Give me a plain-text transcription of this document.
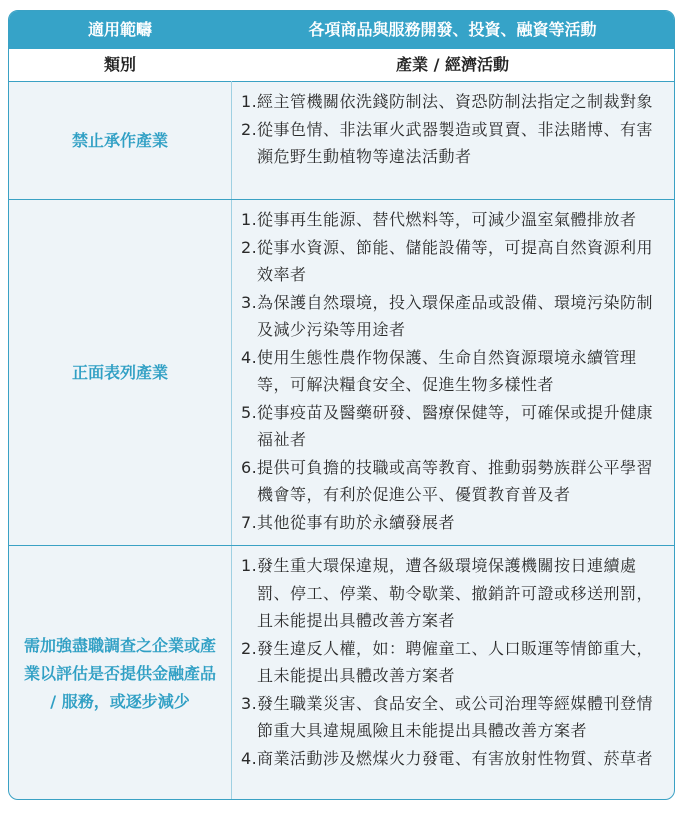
適用範疇	各項商品與服務開發、投資、融資等活動
類別	產業 / 經濟活動
禁止承作產業
1. 經主管機關依洗錢防制法、資恐防制法指定之制裁對象
2. 從事色情、非法軍火武器製造或買賣、非法賭博、有害瀕危野生動植物等違法活動者
正面表列產業
1. 從事再生能源、替代燃料等，可減少溫室氣體排放者
2. 從事水資源、節能、儲能設備等，可提高自然資源利用效率者
3. 為保護自然環境，投入環保產品或設備、環境污染防制及減少污染等用途者
4. 使用生態性農作物保護、生命自然資源環境永續管理等，可解決糧食安全、促進生物多樣性者
5. 從事疫苗及醫藥研發、醫療保健等，可確保或提升健康福祉者
6. 提供可負擔的技職或高等教育、推動弱勢族群公平學習機會等，有利於促進公平、優質教育普及者
7. 其他從事有助於永續發展者
需加強盡職調查之企業或產業以評估是否提供金融產品 / 服務，或逐步減少
1. 發生重大環保違規，遭各級環境保護機關按日連續處罰、停工、停業、勒令歇業、撤銷許可證或移送刑罰，且未能提出具體改善方案者
2. 發生違反人權，如：聘僱童工、人口販運等情節重大，且未能提出具體改善方案者
3. 發生職業災害、食品安全、或公司治理等經媒體刊登情節重大具違規風險且未能提出具體改善方案者
4. 商業活動涉及燃煤火力發電、有害放射性物質、菸草者
